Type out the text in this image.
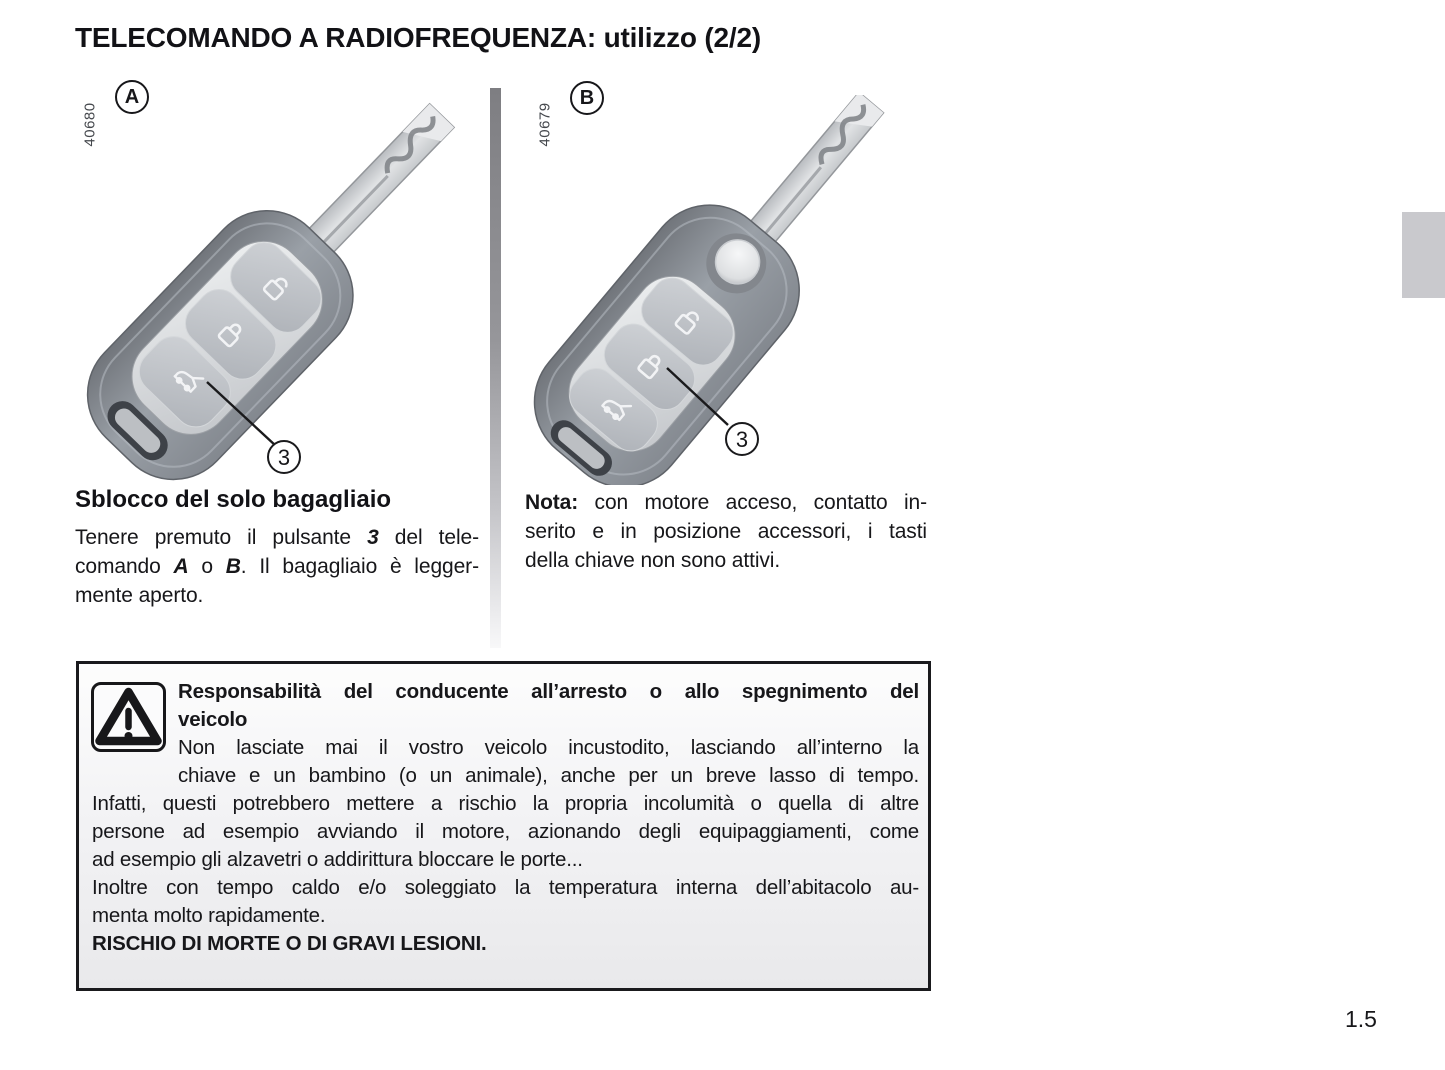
TELECOMANDO A RADIOFREQUENZA: utilizzo (2/2)
40680
A
3
40679
B
3
Sblocco del solo bagagliaio
Tenere premuto il pulsante 3 del tele-
comando A o B. Il bagagliaio è legger-
mente aperto.
Nota: con motore acceso, contatto in-
serito e in posizione accessori, i tasti
della chiave non sono attivi.
Responsabilità del conducente all’arresto o allo spegnimento del
veicolo
Non lasciate mai il vostro veicolo incustodito, lasciando all’interno la
chiave e un bambino (o un animale), anche per un breve lasso di tempo.
Infatti, questi potrebbero mettere a rischio la propria incolumità o quella di altre
persone ad esempio avviando il motore, azionando degli equipaggiamenti, come
ad esempio gli alzavetri o addirittura bloccare le porte...
Inoltre con tempo caldo e/o soleggiato la temperatura interna dell’abitacolo au-
menta molto rapidamente.
RISCHIO DI MORTE O DI GRAVI LESIONI.
1.5
